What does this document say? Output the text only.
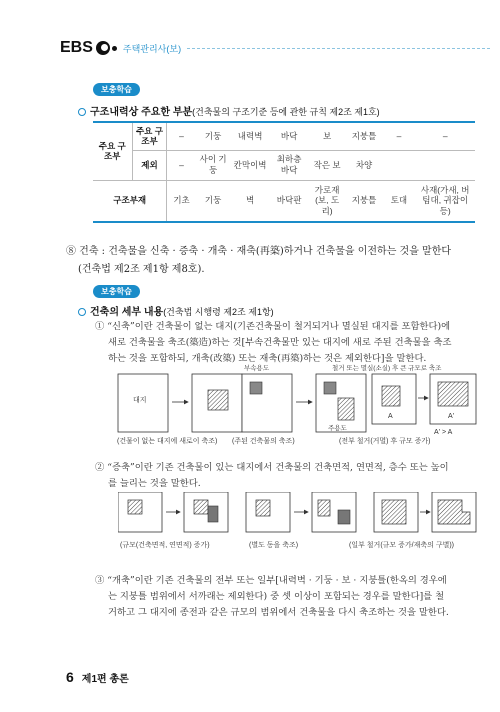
EBS	주택관리사(보)
보충학습
구조내력상 주요한 부분(건축물의 구조기준 등에 관한 규칙 제2조 제1호)
주요 구조부	주요 구조부	–	기둥	내력벽	바닥	보	지붕틀	–	–
	제외	–	사이 기둥	칸막이벽	최하층 바닥	작은 보	차양		
구조부재		기초	기둥	벽	바닥판	가로재 (보, 도리)	지붕틀	토대	사재(가새, 버팀대, 귀잡이 등)
⑧ 건축 : 건축물을 신축 · 증축 · 개축 · 재축(再築)하거나 건축물을 이전하는 것을 말한다
(건축법 제2조 제1항 제8호).
보충학습
건축의 세부 내용(건축법 시행령 제2조 제1항)
① “신축”이란 건축물이 없는 대지(기존건축물이 철거되거나 멸실된 대지를 포함한다)에
새로 건축물을 축조(築造)하는 것[부속건축물만 있는 대지에 새로 주된 건축물을 축조
하는 것을 포함하되, 개축(改築) 또는 재축(再築)하는 것은 제외한다]을 말한다.
대지
부속용도
주용도
철거 또는 멸실(소실) 후 큰 규모로 축조
A	A'
A' > A
(건물이 없는 대지에 새로이 축조) (주된 건축물의 축조)	(전부 철거(거멸) 후 규모 증가)
② “증축”이란 기존 건축물이 있는 대지에서 건축물의 건축면적, 연면적, 층수 또는 높이
를 늘리는 것을 말한다.
(규모(건축면적, 연면적) 증가)	(별도 동을 축조)	(일부 철거(규모 증가/재축의 구별))
③ “개축”이란 기존 건축물의 전부 또는 일부[내력벽 · 기둥 · 보 · 지붕틀(한옥의 경우에
는 지붕틀 범위에서 서까래는 제외한다) 중 셋 이상이 포함되는 경우를 말한다]를 철
거하고 그 대지에 종전과 같은 규모의 범위에서 건축물을 다시 축조하는 것을 말한다.
6 제1편 총론
